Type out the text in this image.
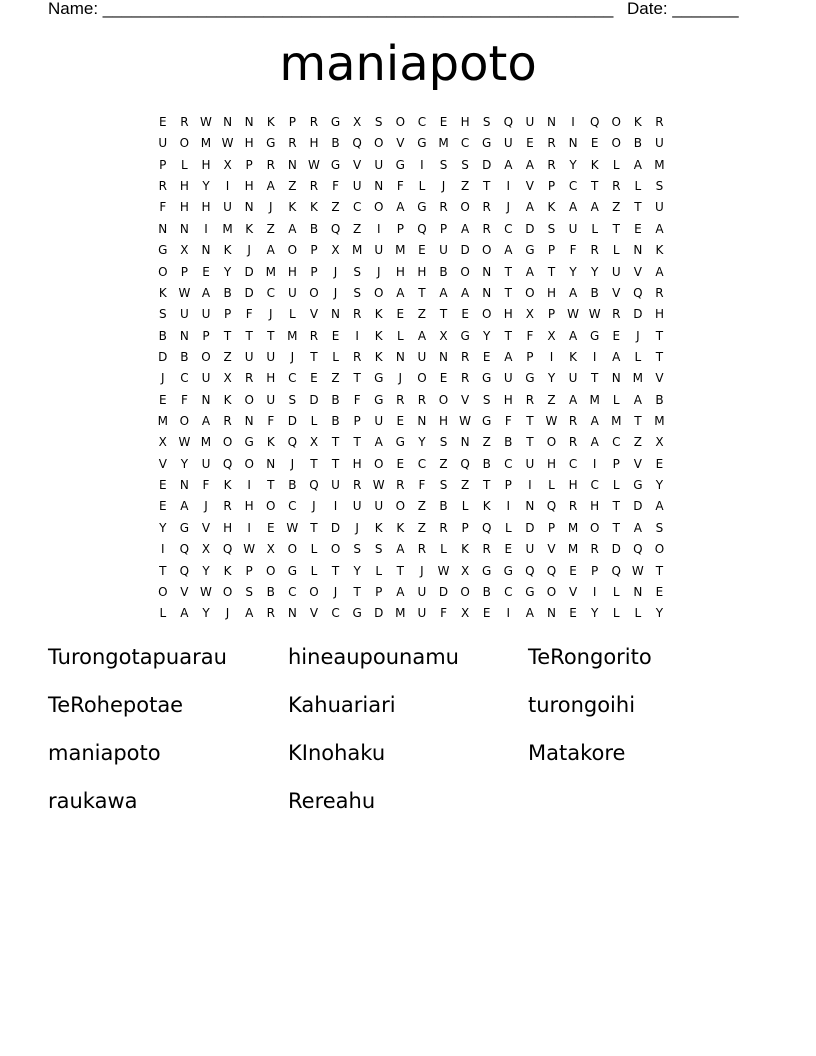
Name: ______________________________________________________ Date: _______
maniapoto
E	R W N	N	K	P	R	G	X	S	O	C	E	H	S	Q	U	N	I	Q	O	K	R
U	O M W H	G	R	H	B	Q	O	V	G M	C	G	U	E	R	N	E	O	B	U
P	L	H	X	P	R	N W G	V	U	G	I	S	S	D	A	A	R	Y	K	L	A	M
R	H	Y	I	H	A	Z	R	F	U	N	F	L	J	Z	T	I	V	P	C	T	R	L	S
F	H	H	U	N	J	K	K	Z	C	O	A	G	R	O	R	J	A	K	A	A	Z	T	U
N	N	I	M	K	Z	A	B	Q	Z	I	P	Q	P	A	R	C	D	S	U	L	T	E	A
G	X	N	K	J	A	O	P	X	M	U	M	E	U	D	O	A	G	P	F	R	L	N	K
O	P	E	Y	D M H	P	J	S	J	H	H	B	O	N	T	A	T	Y	Y	U	V	A
K W A	B	D	C	U	O	J	S	O	A	T	A	A	N	T	O	H	A	B	V	Q	R
S	U	U	P	F	J	L	V	N	R	K	E	Z	T	E	O	H	X	P	W W R	D	H
B	N	P	T	T	T	M	R	E	I	K	L	A	X	G	Y	T	F	X	A	G	E	J	T
D	B	O	Z	U	U	J	T	L	R	K	N	U	N	R	E	A	P	I	K	I	A	L	T
J	C	U	X	R	H	C	E	Z	T	G	J	O	E	R	G	U	G	Y	U	T	N M	V
E	F	N	K	O	U	S	D	B	F	G	R	R	O	V	S	H	R	Z	A	M	L	A	B
M O	A	R	N	F	D	L	B	P	U	E	N	H W G	F	T W R	A	M	T	M
X W M O	G	K	Q	X	T	T	A	G	Y	S	N	Z	B	T	O	R	A	C	Z	X
V	Y	U	Q	O	N	J	T	T	H	O	E	C	Z	Q	B	C	U	H	C	I	P	V	E
E	N	F	K	I	T	B	Q	U	R W R	F	S	Z	T	P	I	L	H	C	L	G	Y
E	A	J	R	H	O	C	J	I	U	U	O	Z	B	L	K	I	N	Q	R	H	T	D	A
Y	G	V	H	I	E W T	D	J	K	K	Z	R	P	Q	L	D	P	M O	T	A	S
I	Q	X	Q W X	O	L	O	S	S	A	R	L	K	R	E	U	V	M	R	D	Q	O
T	Q	Y	K	P	O	G	L	T	Y	L	T	J	W X	G	G	Q	Q	E	P	Q W T
O	V W O	S	B	C	O	J	T	P	A	U	D	O	B	C	G	O	V	I	L	N	E
L	A	Y	J	A	R	N	V	C	G	D M	U	F	X	E	I	A	N	E	Y	L	L	Y
Turongotapuarau	hineaupounamu	TeRongorito
TeRohepotae	Kahuariari	turongoihi
maniapoto	KInohaku	Matakore
raukawa	Rereahu
